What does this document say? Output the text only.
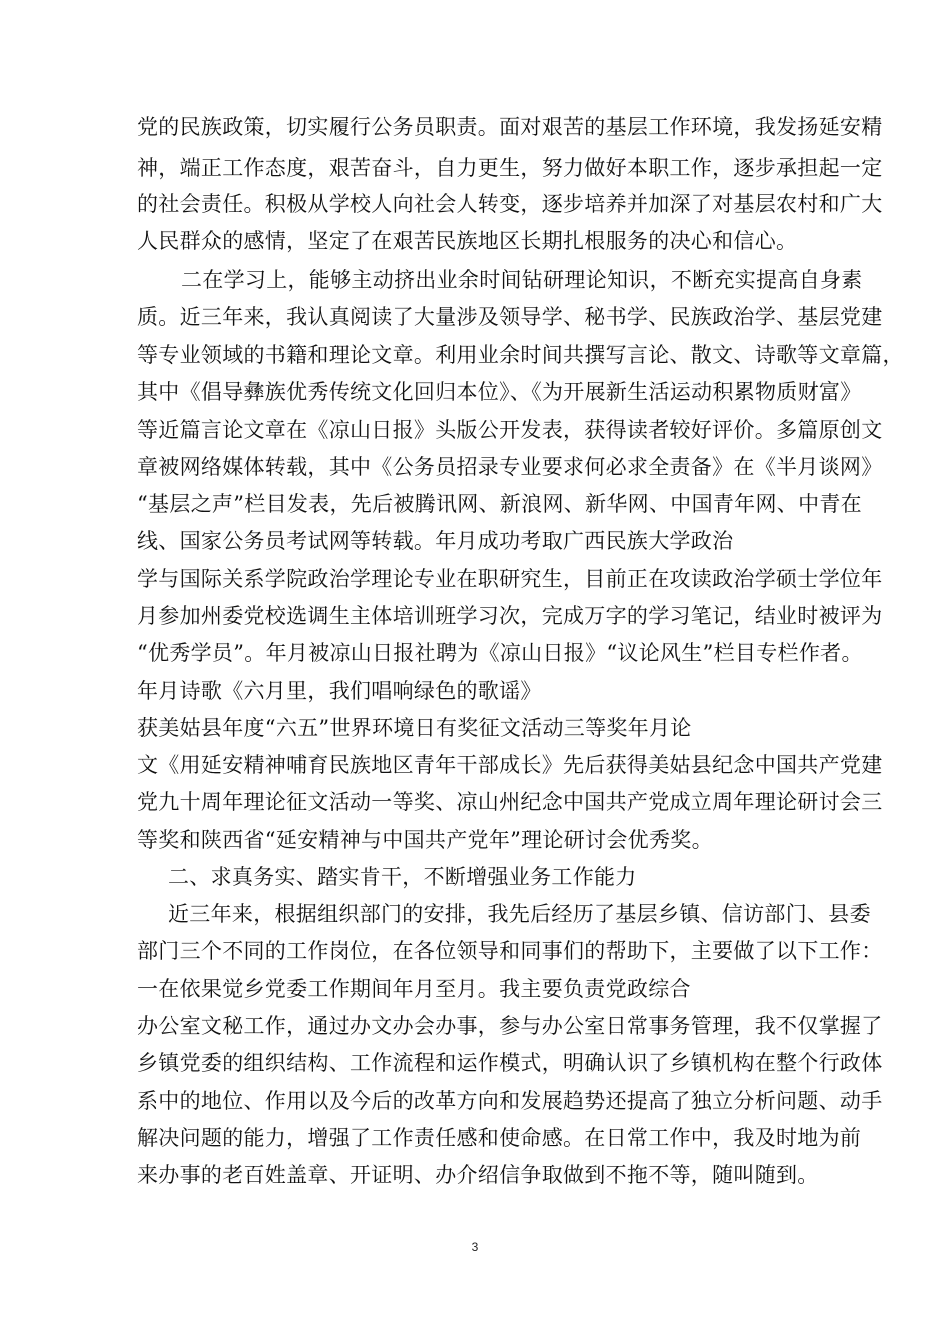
党的民族政策，切实履行公务员职责。面对艰苦的基层工作环境，我发扬延安精
神，端正工作态度，艰苦奋斗，自力更生，努力做好本职工作，逐步承担起一定
的社会责任。积极从学校人向社会人转变，逐步培养并加深了对基层农村和广大
人民群众的感情，坚定了在艰苦民族地区长期扎根服务的决心和信心。
二在学习上，能够主动挤出业余时间钻研理论知识，不断充实提高自身素
质。近三年来，我认真阅读了大量涉及领导学、秘书学、民族政治学、基层党建
等专业领域的书籍和理论文章。利用业余时间共撰写言论、散文、诗歌等文章篇，
其中《倡导彝族优秀传统文化回归本位》、《为开展新生活运动积累物质财富》
等近篇言论文章在《凉山日报》头版公开发表，获得读者较好评价。多篇原创文
章被网络媒体转载，其中《公务员招录专业要求何必求全责备》在《半月谈网》
“基层之声”栏目发表，先后被腾讯网、新浪网、新华网、中国青年网、中青在
线、国家公务员考试网等转载。年月成功考取广西民族大学政治
学与国际关系学院政治学理论专业在职研究生，目前正在攻读政治学硕士学位年
月参加州委党校选调生主体培训班学习次，完成万字的学习笔记，结业时被评为
“优秀学员”。年月被凉山日报社聘为《凉山日报》“议论风生”栏目专栏作者。
年月诗歌《六月里，我们唱响绿色的歌谣》
获美姑县年度“六五”世界环境日有奖征文活动三等奖年月论
文《用延安精神哺育民族地区青年干部成长》先后获得美姑县纪念中国共产党建
党九十周年理论征文活动一等奖、凉山州纪念中国共产党成立周年理论研讨会三
等奖和陕西省“延安精神与中国共产党年”理论研讨会优秀奖。
二、求真务实、踏实肯干，不断增强业务工作能力
近三年来，根据组织部门的安排，我先后经历了基层乡镇、信访部门、县委
部门三个不同的工作岗位，在各位领导和同事们的帮助下，主要做了以下工作：
一在依果觉乡党委工作期间年月至月。我主要负责党政综合
办公室文秘工作，通过办文办会办事，参与办公室日常事务管理，我不仅掌握了
乡镇党委的组织结构、工作流程和运作模式，明确认识了乡镇机构在整个行政体
系中的地位、作用以及今后的改革方向和发展趋势还提高了独立分析问题、动手
解决问题的能力，增强了工作责任感和使命感。在日常工作中，我及时地为前
来办事的老百姓盖章、开证明、办介绍信争取做到不拖不等，随叫随到。
3
